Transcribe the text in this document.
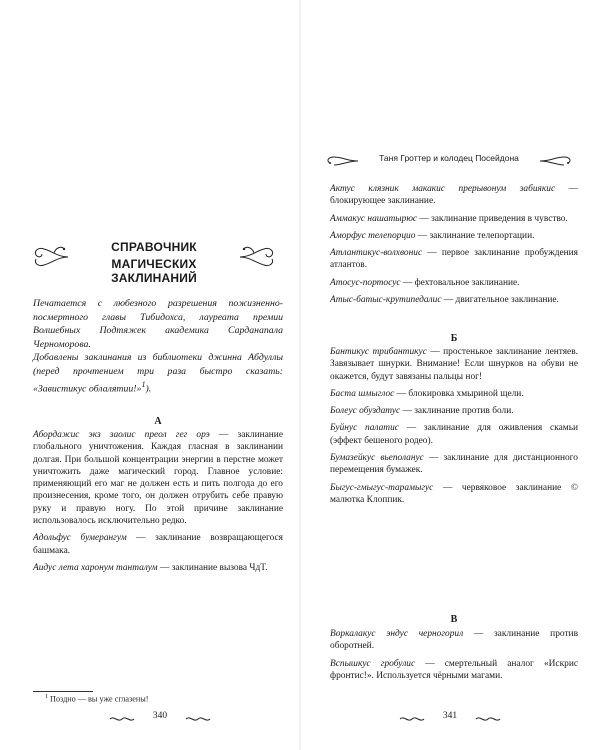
СПРАВОЧНИК
МАГИЧЕСКИХ ЗАКЛИНАНИЙ

Печатается с любезного разрешения пожизненно-посмертного главы Тибидохса, лауреата премии Волшебных Подтяжек академика Сарданапала Черноморова.

Добавлены заклинания из библиотеки джинна Абдуллы (перед прочтением три раза быстро сказать: «Завистикус облалятии!»$^1$).

А

Абордажис экз заолис преол гег орэ — заклинание глобального уничтожения. Каждая гласная в заклинании долгая. При большой концентрации энергии в перстне может уничтожить даже магический город. Главное условие: применяющий его маг не должен есть и пить полгода до его произнесения, кроме того, он должен отрубить себе правую руку и правую ногу. По этой причине заклинание использовалось исключительно редко.

Адольфус бумерангум — заклинание возвращающегося башмака.

Аидус лета харонум танталум — заклинание вызова ЧдТ.

$^1$ Поздно — вы уже сглазены!
340
Таня Гроттер и колодец Посейдона

Актус клязник макакис прерывонум забиякис — блокирующее заклинание.

Аммакус нашатырюс — заклинание приведения в чувство.

Аморфус телепорцио — заклинание телепортации.

Атлантикус-волхвонис — первое заклинание пробуждения атлантов.

Атосус-портосус — фехтовальное заклинание.

Атыс-батыс-крутипедалис — двигательное заклинание.

Б

Бантикус трибантикус — простенькое заклинание лентяев. Завязывает шнурки. Внимание! Если шнурков на обуви не окажется, будут завязаны пальцы ног!

Баста шмыглос — блокировка хмыриной щели.

Болеус обуздатус — заклинание против боли.

Буйнус палатис — заклинание для оживления скамьи (эффект бешеного родео).

Бумазейкус вьеполанус — заклинание для дистанционного перемещения бумажек.

Быгус-гмыгус-тарамыгус — червяковое заклинание © малютка Клоппик.

В

Воркалакус эндус черногорил — заклинание против оборотней.

Вспышкус гробулис — смертельный аналог «Искрис фронтис!». Используется чёрными магами.

341
